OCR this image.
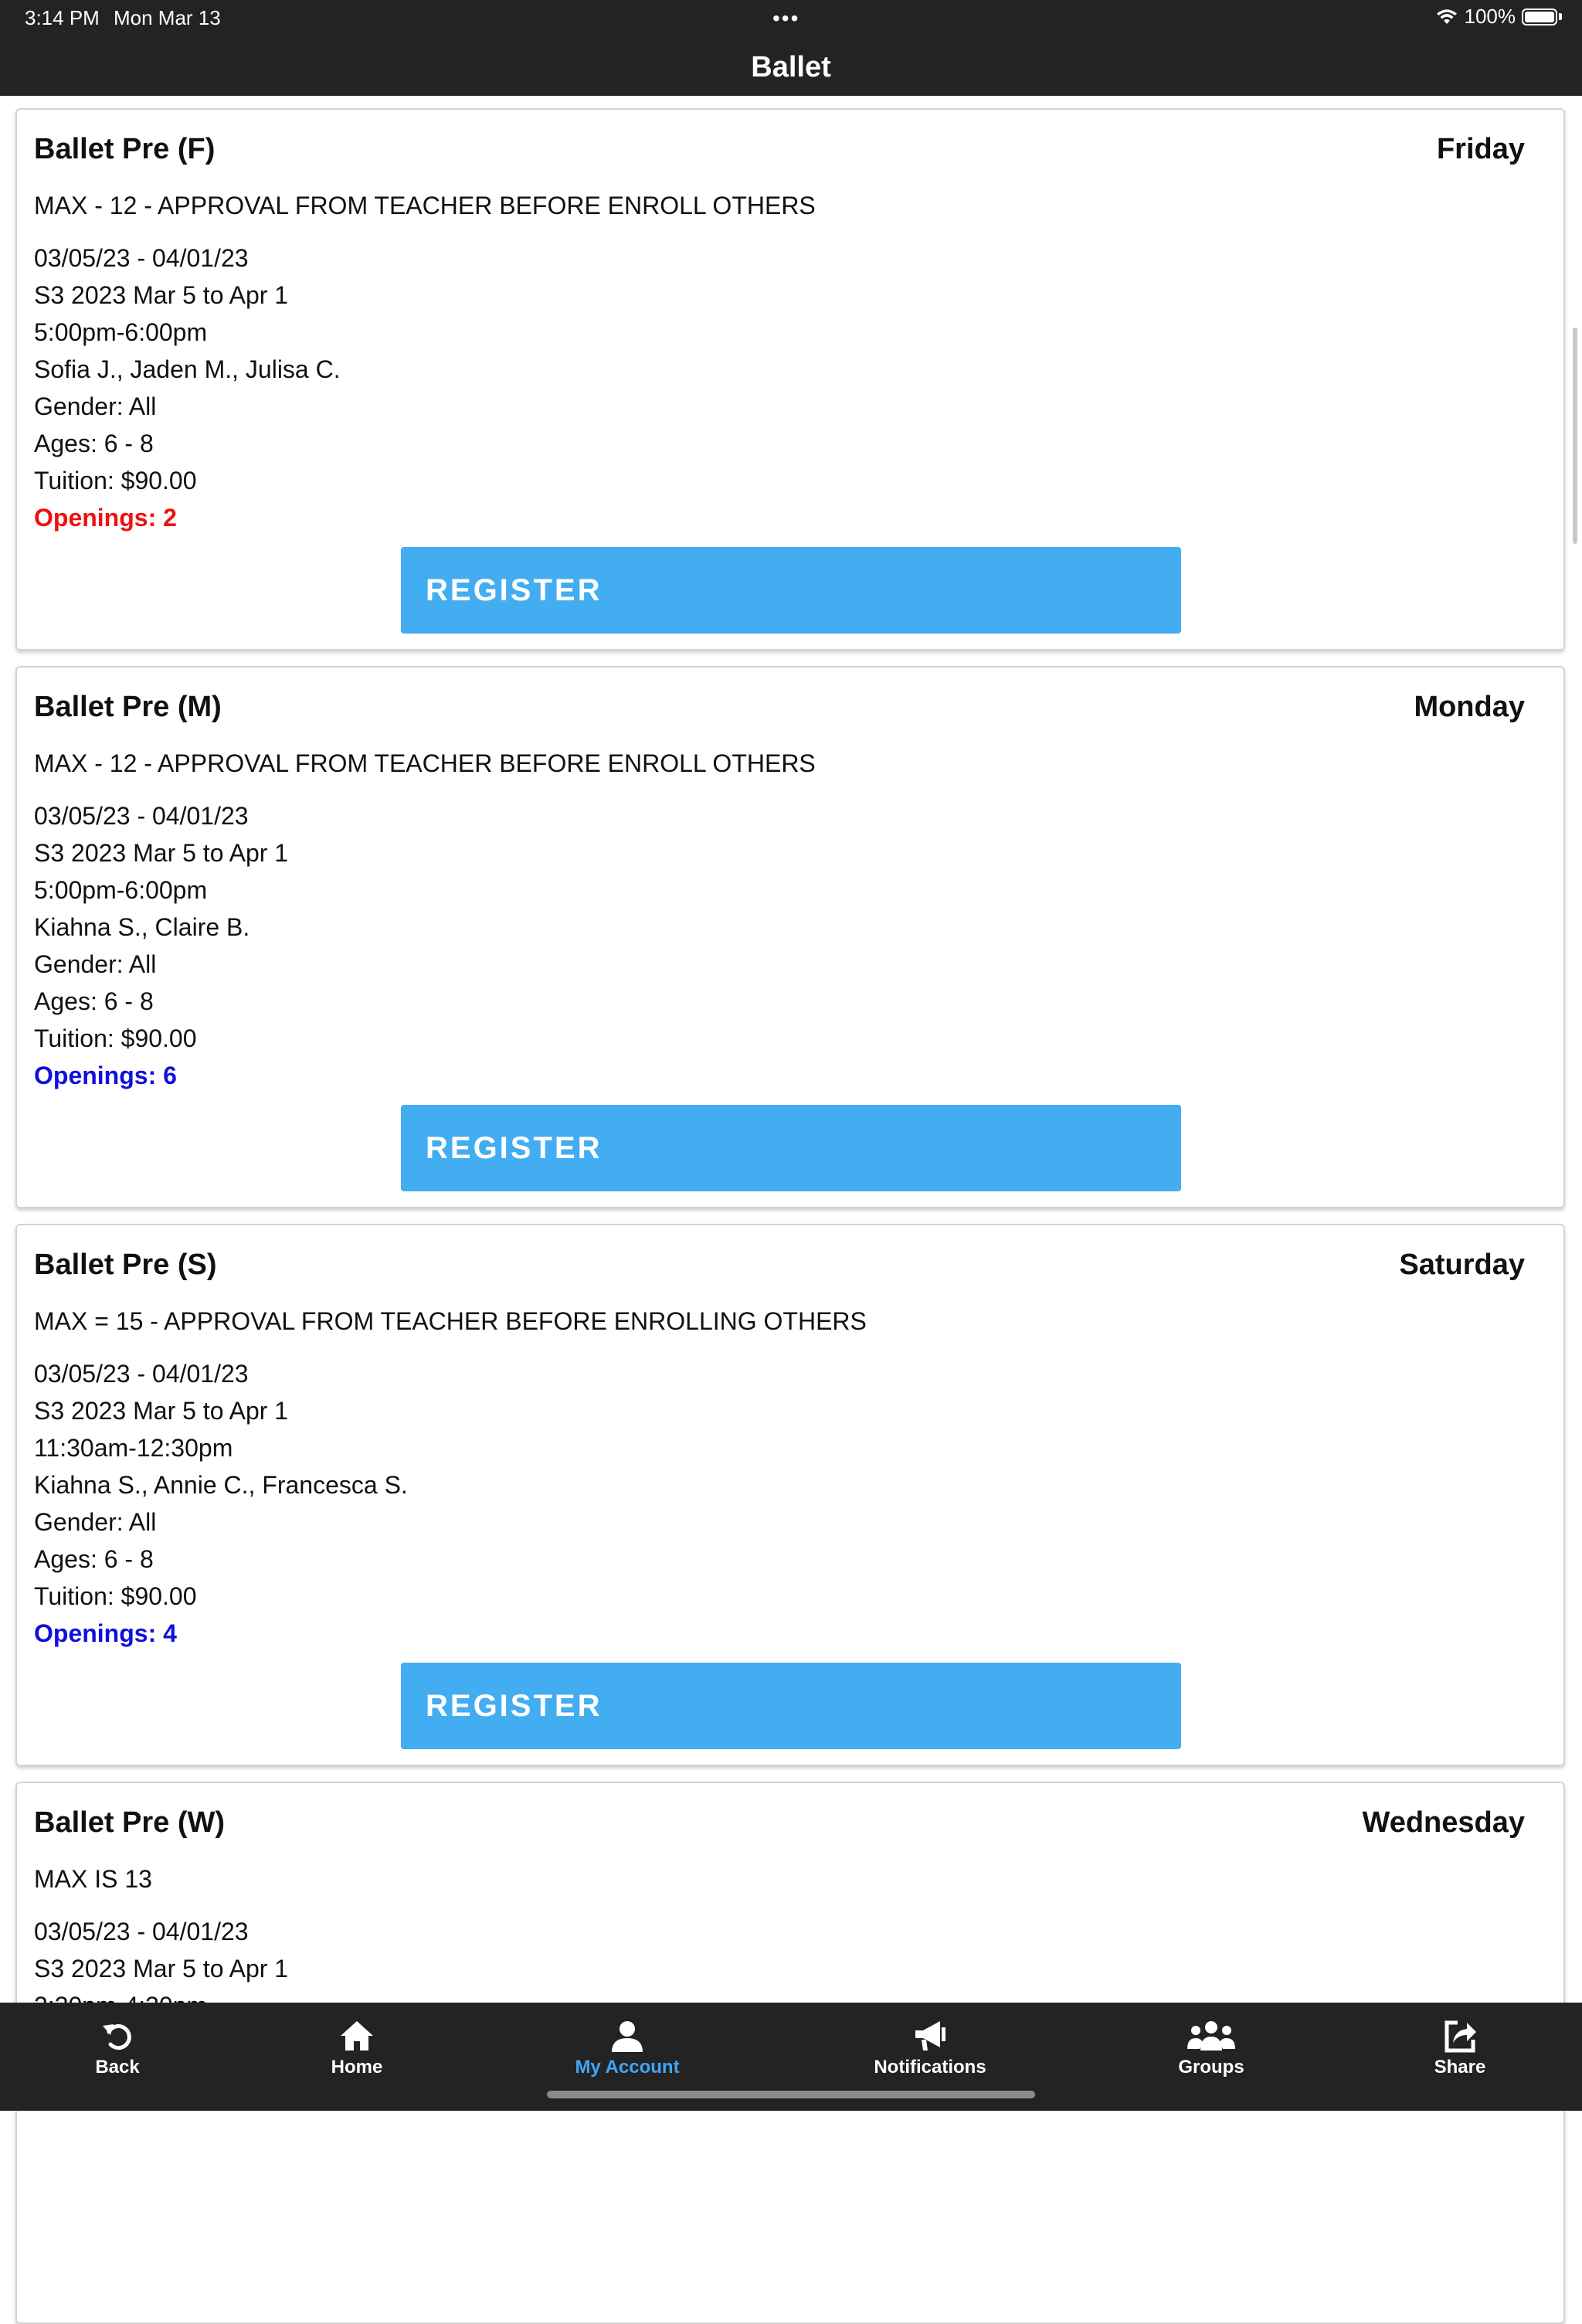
3:14 PM Mon Mar 13	•••	100%
Ballet
Ballet Pre (F)	Friday
MAX - 12 - APPROVAL FROM TEACHER BEFORE ENROLL OTHERS
03/05/23 - 04/01/23
S3 2023 Mar 5 to Apr 1
5:00pm-6:00pm
Sofia J., Jaden M., Julisa C.
Gender: All
Ages: 6 - 8
Tuition: $90.00
Openings: 2
REGISTER
Ballet Pre (M)	Monday
MAX - 12 - APPROVAL FROM TEACHER BEFORE ENROLL OTHERS
03/05/23 - 04/01/23
S3 2023 Mar 5 to Apr 1
5:00pm-6:00pm
Kiahna S., Claire B.
Gender: All
Ages: 6 - 8
Tuition: $90.00
Openings: 6
REGISTER
Ballet Pre (S)	Saturday
MAX = 15 - APPROVAL FROM TEACHER BEFORE ENROLLING OTHERS
03/05/23 - 04/01/23
S3 2023 Mar 5 to Apr 1
11:30am-12:30pm
Kiahna S., Annie C., Francesca S.
Gender: All
Ages: 6 - 8
Tuition: $90.00
Openings: 4
REGISTER
Ballet Pre (W)	Wednesday
MAX IS 13
03/05/23 - 04/01/23
S3 2023 Mar 5 to Apr 1
Back	Home	My Account	Notifications	Groups	Share
